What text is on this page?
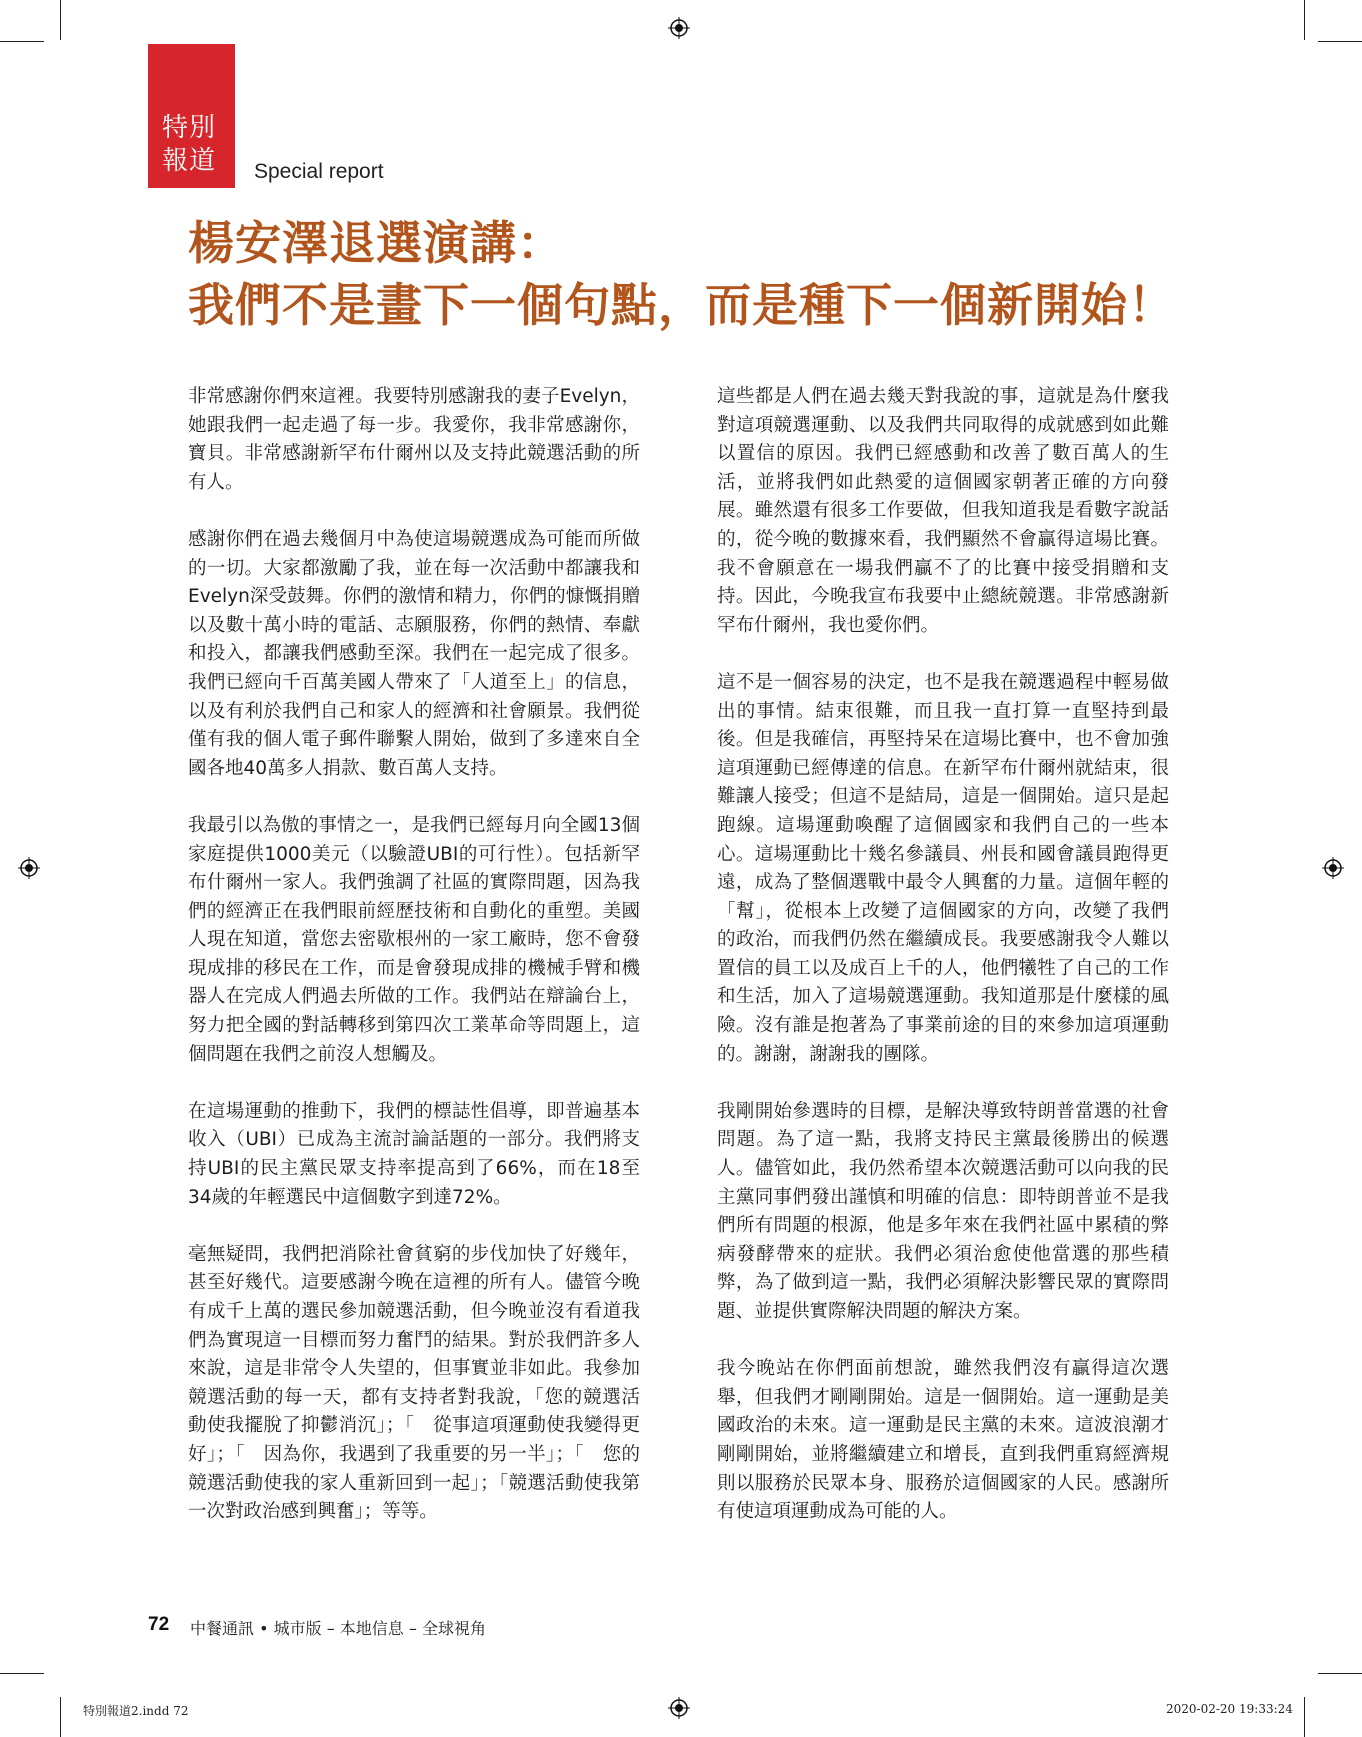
特別
報道 Special report
楊安澤退選演講：
我們不是畫下一個句點，而是種下一個新開始！

非常感謝你們來這裡。我要特別感謝我的妻子Evelyn，她跟我們一起走過了每一步。我愛你，我非常感謝你，寶貝。非常感謝新罕布什爾州以及支持此競選活動的所有人。

感謝你們在過去幾個月中為使這場競選成為可能而所做的一切。大家都激勵了我，並在每一次活動中都讓我和Evelyn深受鼓舞。你們的激情和精力，你們的慷慨捐贈以及數十萬小時的電話、志願服務，你們的熱情、奉獻和投入，都讓我們感動至深。我們在一起完成了很多。我們已經向千百萬美國人帶來了「人道至上」的信息，以及有利於我們自己和家人的經濟和社會願景。我們從僅有我的個人電子郵件聯繫人開始，做到了多達來自全國各地40萬多人捐款、數百萬人支持。

我最引以為傲的事情之一，是我們已經每月向全國13個家庭提供1000美元（以驗證UBI的可行性）。包括新罕布什爾州一家人。我們強調了社區的實際問題，因為我們的經濟正在我們眼前經歷技術和自動化的重塑。美國人現在知道，當您去密歇根州的一家工廠時，您不會發現成排的移民在工作，而是會發現成排的機械手臂和機器人在完成人們過去所做的工作。我們站在辯論台上，努力把全國的對話轉移到第四次工業革命等問題上，這個問題在我們之前沒人想觸及。

在這場運動的推動下，我們的標誌性倡導，即普遍基本收入（UBI）已成為主流討論話題的一部分。我們將支持UBI的民主黨民眾支持率提高到了66%，而在18至34歲的年輕選民中這個數字到達72%。

毫無疑問，我們把消除社會貧窮的步伐加快了好幾年，甚至好幾代。這要感謝今晚在這裡的所有人。儘管今晚有成千上萬的選民參加競選活動，但今晚並沒有看道我們為實現這一目標而努力奮鬥的結果。對於我們許多人來說，這是非常令人失望的，但事實並非如此。我參加競選活動的每一天，都有支持者對我說，「您的競選活動使我擺脫了抑鬱消沉」；「　從事這項運動使我變得更好」；「　因為你，我遇到了我重要的另一半」；「　您的競選活動使我的家人重新回到一起」；「競選活動使我第一次對政治感到興奮」；等等。

這些都是人們在過去幾天對我說的事，這就是為什麼我對這項競選運動、以及我們共同取得的成就感到如此難以置信的原因。我們已經感動和改善了數百萬人的生活，並將我們如此熱愛的這個國家朝著正確的方向發展。雖然還有很多工作要做，但我知道我是看數字說話的，從今晚的數據來看，我們顯然不會贏得這場比賽。我不會願意在一場我們贏不了的比賽中接受捐贈和支持。因此，今晚我宣布我要中止總統競選。非常感謝新罕布什爾州，我也愛你們。

這不是一個容易的決定，也不是我在競選過程中輕易做出的事情。結束很難，而且我一直打算一直堅持到最後。但是我確信，再堅持呆在這場比賽中，也不會加強這項運動已經傳達的信息。在新罕布什爾州就結束，很難讓人接受；但這不是結局，這是一個開始。這只是起跑線。這場運動喚醒了這個國家和我們自己的一些本心。這場運動比十幾名參議員、州長和國會議員跑得更遠，成為了整個選戰中最令人興奮的力量。這個年輕的「幫」，從根本上改變了這個國家的方向，改變了我們的政治，而我們仍然在繼續成長。我要感謝我令人難以置信的員工以及成百上千的人，他們犧牲了自己的工作和生活，加入了這場競選運動。我知道那是什麼樣的風險。沒有誰是抱著為了事業前途的目的來參加這項運動的。謝謝，謝謝我的團隊。

我剛開始參選時的目標，是解決導致特朗普當選的社會問題。為了這一點，我將支持民主黨最後勝出的候選人。儘管如此，我仍然希望本次競選活動可以向我的民主黨同事們發出謹慎和明確的信息：即特朗普並不是我們所有問題的根源，他是多年來在我們社區中累積的弊病發酵帶來的症狀。我們必須治愈使他當選的那些積弊，為了做到這一點，我們必須解決影響民眾的實際問題、並提供實際解決問題的解決方案。

我今晚站在你們面前想說，雖然我們沒有贏得這次選舉，但我們才剛剛開始。這是一個開始。這一運動是美國政治的未來。這一運動是民主黨的未來。這波浪潮才剛剛開始，並將繼續建立和增長，直到我們重寫經濟規則以服務於民眾本身、服務於這個國家的人民。感謝所有使這項運動成為可能的人。

72 中餐通訊 • 城市版 – 本地信息 – 全球視角
特別報道2.indd 72	2020-02-20 19:33:24
